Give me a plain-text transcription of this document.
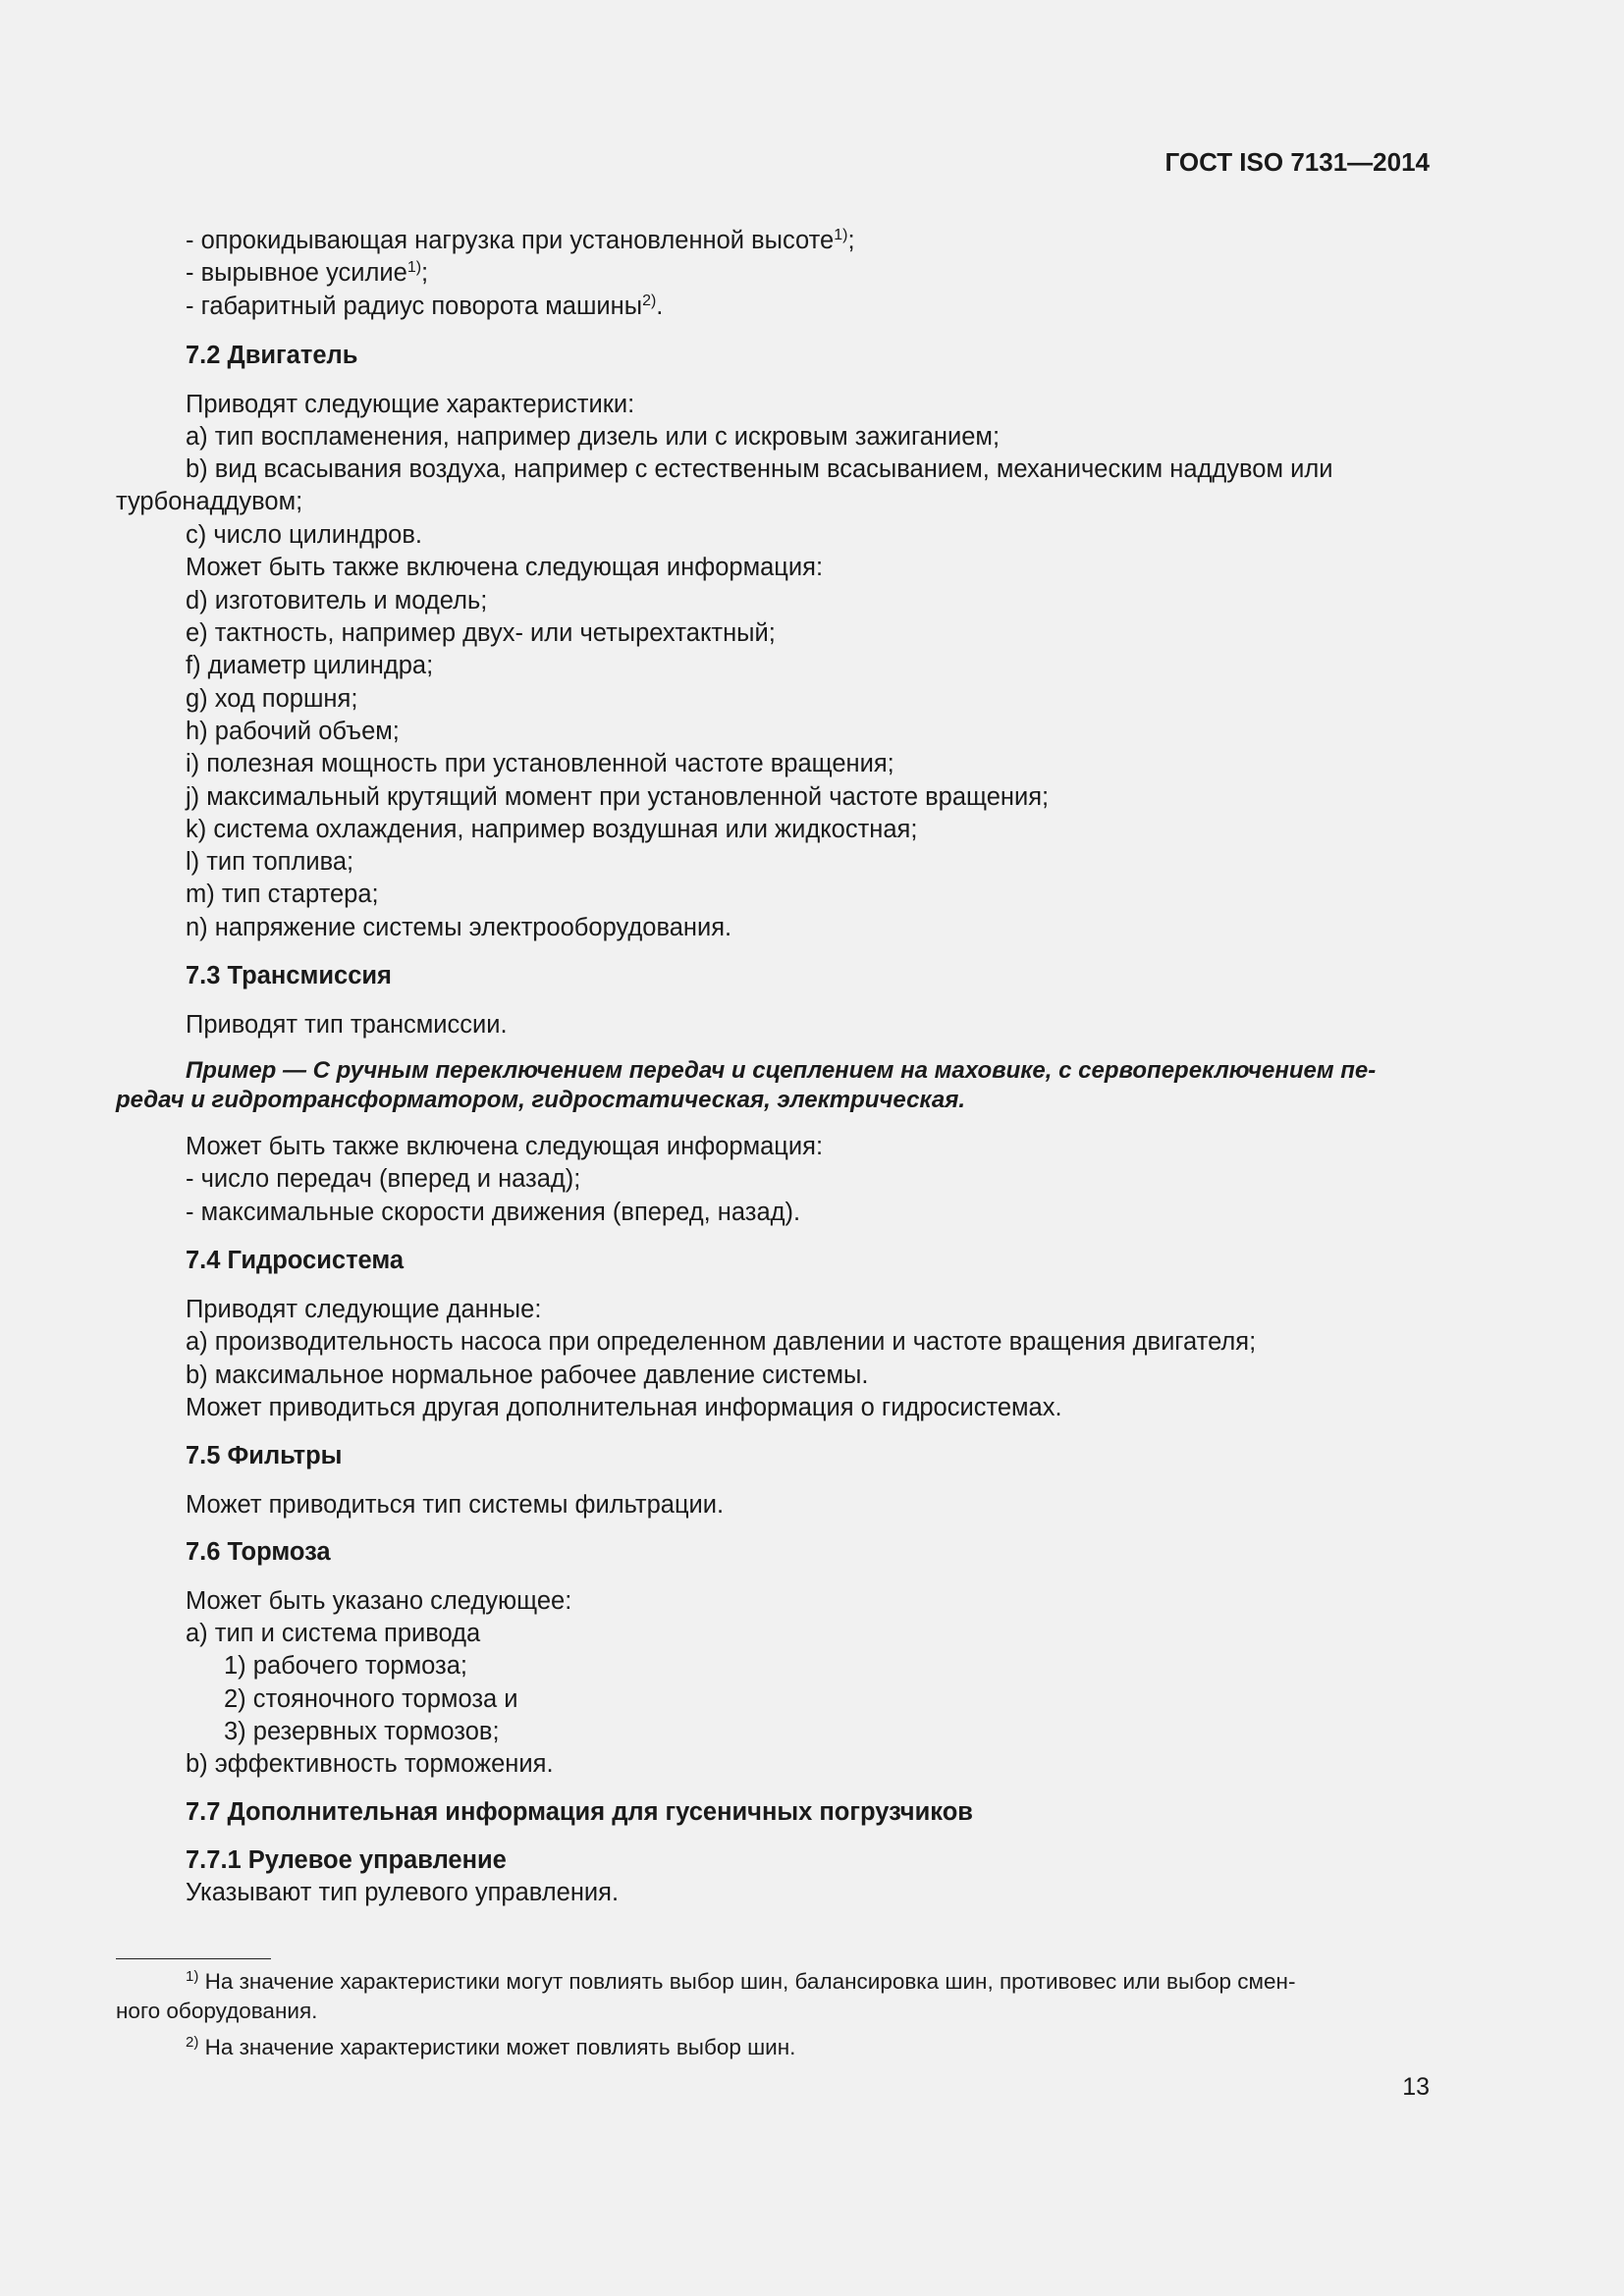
ГОСТ ISO 7131—2014
- опрокидывающая нагрузка при установленной высоте$^{1)}$;
- вырывное усилие$^{1)}$;
- габаритный радиус поворота машины$^{2)}$.
7.2 Двигатель
Приводят следующие характеристики:
a) тип воспламенения, например дизель или с искровым зажиганием;
b) вид всасывания воздуха, например с естественным всасыванием, механическим наддувом или
турбонаддувом;
c) число цилиндров.
Может быть также включена следующая информация:
d) изготовитель и модель;
e) тактность, например двух- или четырехтактный;
f) диаметр цилиндра;
g) ход поршня;
h) рабочий объем;
i) полезная мощность при установленной частоте вращения;
j) максимальный крутящий момент при установленной частоте вращения;
k) система охлаждения, например воздушная или жидкостная;
l) тип топлива;
m) тип стартера;
n) напряжение системы электрооборудования.
7.3 Трансмиссия
Приводят тип трансмиссии.
Пример — С ручным переключением передач и сцеплением на маховике, с сервопереключением пе-
редач и гидротрансформатором, гидростатическая, электрическая.
Может быть также включена следующая информация:
- число передач (вперед и назад);
- максимальные скорости движения (вперед, назад).
7.4 Гидросистема
Приводят следующие данные:
a) производительность насоса при определенном давлении и частоте вращения двигателя;
b) максимальное нормальное рабочее давление системы.
Может приводиться другая дополнительная информация о гидросистемах.
7.5 Фильтры
Может приводиться тип системы фильтрации.
7.6 Тормоза
Может быть указано следующее:
a) тип и система привода
1) рабочего тормоза;
2) стояночного тормоза и
3) резервных тормозов;
b) эффективность торможения.
7.7 Дополнительная информация для гусеничных погрузчиков
7.7.1 Рулевое управление
Указывают тип рулевого управления.
$^{1)}$ На значение характеристики могут повлиять выбор шин, балансировка шин, противовес или выбор смен-
ного оборудования.
$^{2)}$ На значение характеристики может повлиять выбор шин.
13
